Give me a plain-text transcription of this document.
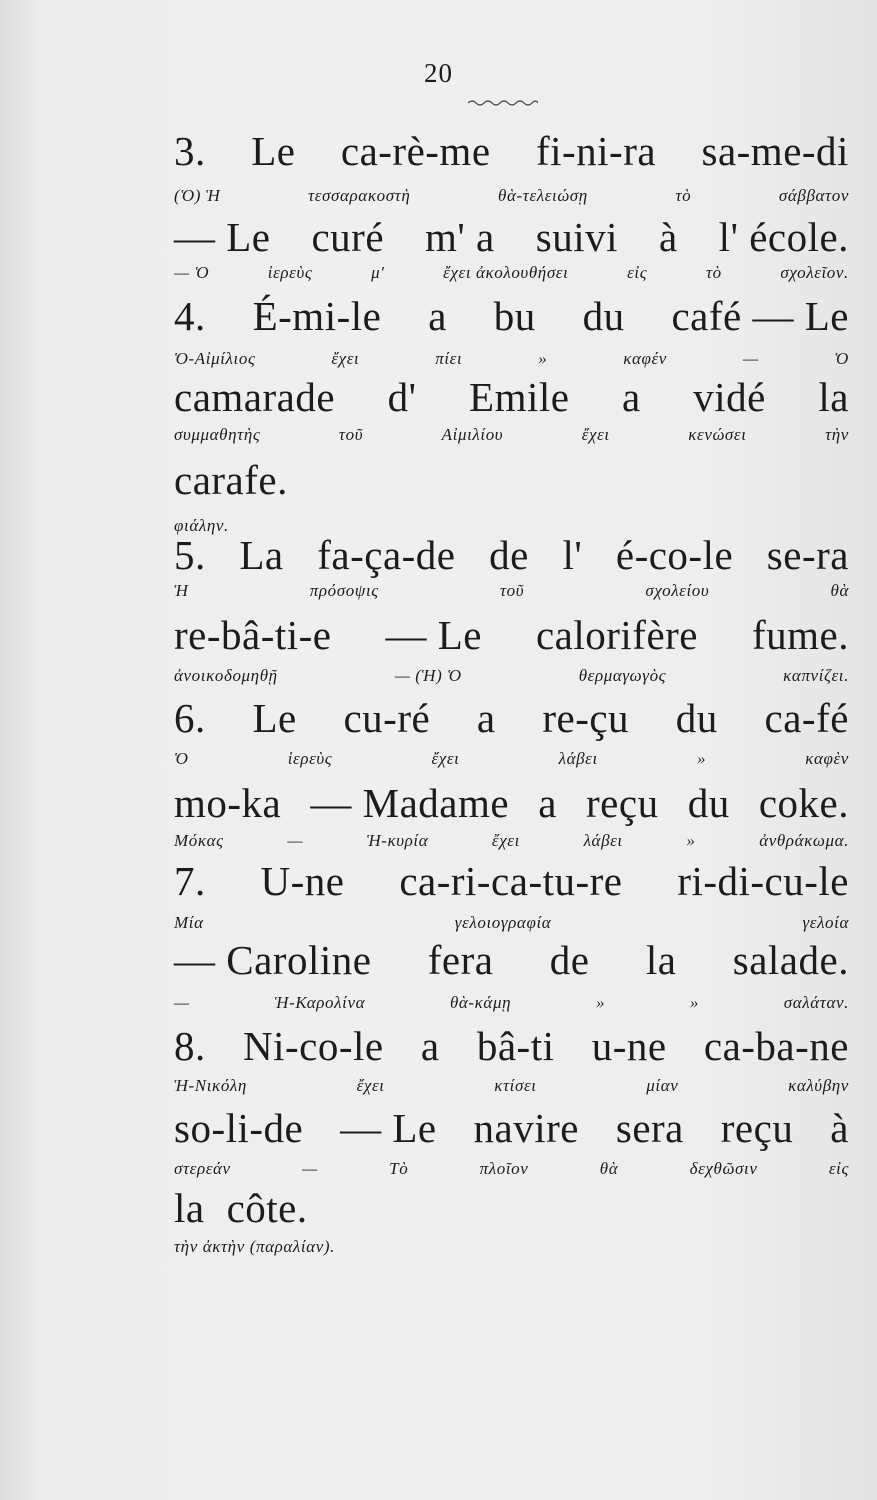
20
3. Le ca-rè-me fi-ni-ra sa-me-di
(Ὁ) Ἡ	τεσσαρακοστὴ	θὰ-τελειώσῃ	τὸ	σάββατον
— Le curé m' a suivi à l' école.
— Ὁ	ἱερεὺς	μ'	ἔχει ἀκολουθήσει	εἰς	τὸ	σχολεῖον.
4. É-mi-le a bu du café — Le
Ὁ-Αἰμίλιος	ἔχει	πίει	»	καφέν	—	Ὁ
camarade d' Emile a vidé la
συμμαθητὴς	τοῦ	Αἰμιλίου	ἔχει	κενώσει	τὴν
carafe.
φιάλην.
5. La fa-ça-de de l' é-co-le se-ra
Ἡ	πρόσοψις	τοῦ	σχολείου	θὰ
re-bâ-ti-e — Le calorifère fume.
ἀνοικοδομηθῇ	— (Ἡ) Ὁ	θερμαγωγὸς	καπνίζει.
6. Le cu-ré a re-çu du ca-fé
Ὁ	ἱερεὺς	ἔχει	λάβει	»	καφὲν
mo-ka — Madame a reçu du coke.
Μόκας	—	Ἡ-κυρία	ἔχει	λάβει	»	ἀνθράκωμα.
7. U-ne ca-ri-ca-tu-re ri-di-cu-le
Μία	γελοιογραφία	γελοία
— Caroline fera de la salade.
—	Ἡ-Καρολίνα	θὰ-κάμῃ	»	»	σαλάταν.
8. Ni-co-le a bâ-ti u-ne ca-ba-ne
Ἡ-Νικόλη	ἔχει	κτίσει	μίαν	καλύβην
so-li-de — Le navire sera reçu à
στερεάν	—	Τὸ	πλοῖον	θὰ	δεχθῶσιν	εἰς
la côte.
τὴν ἀκτὴν (παραλίαν).
